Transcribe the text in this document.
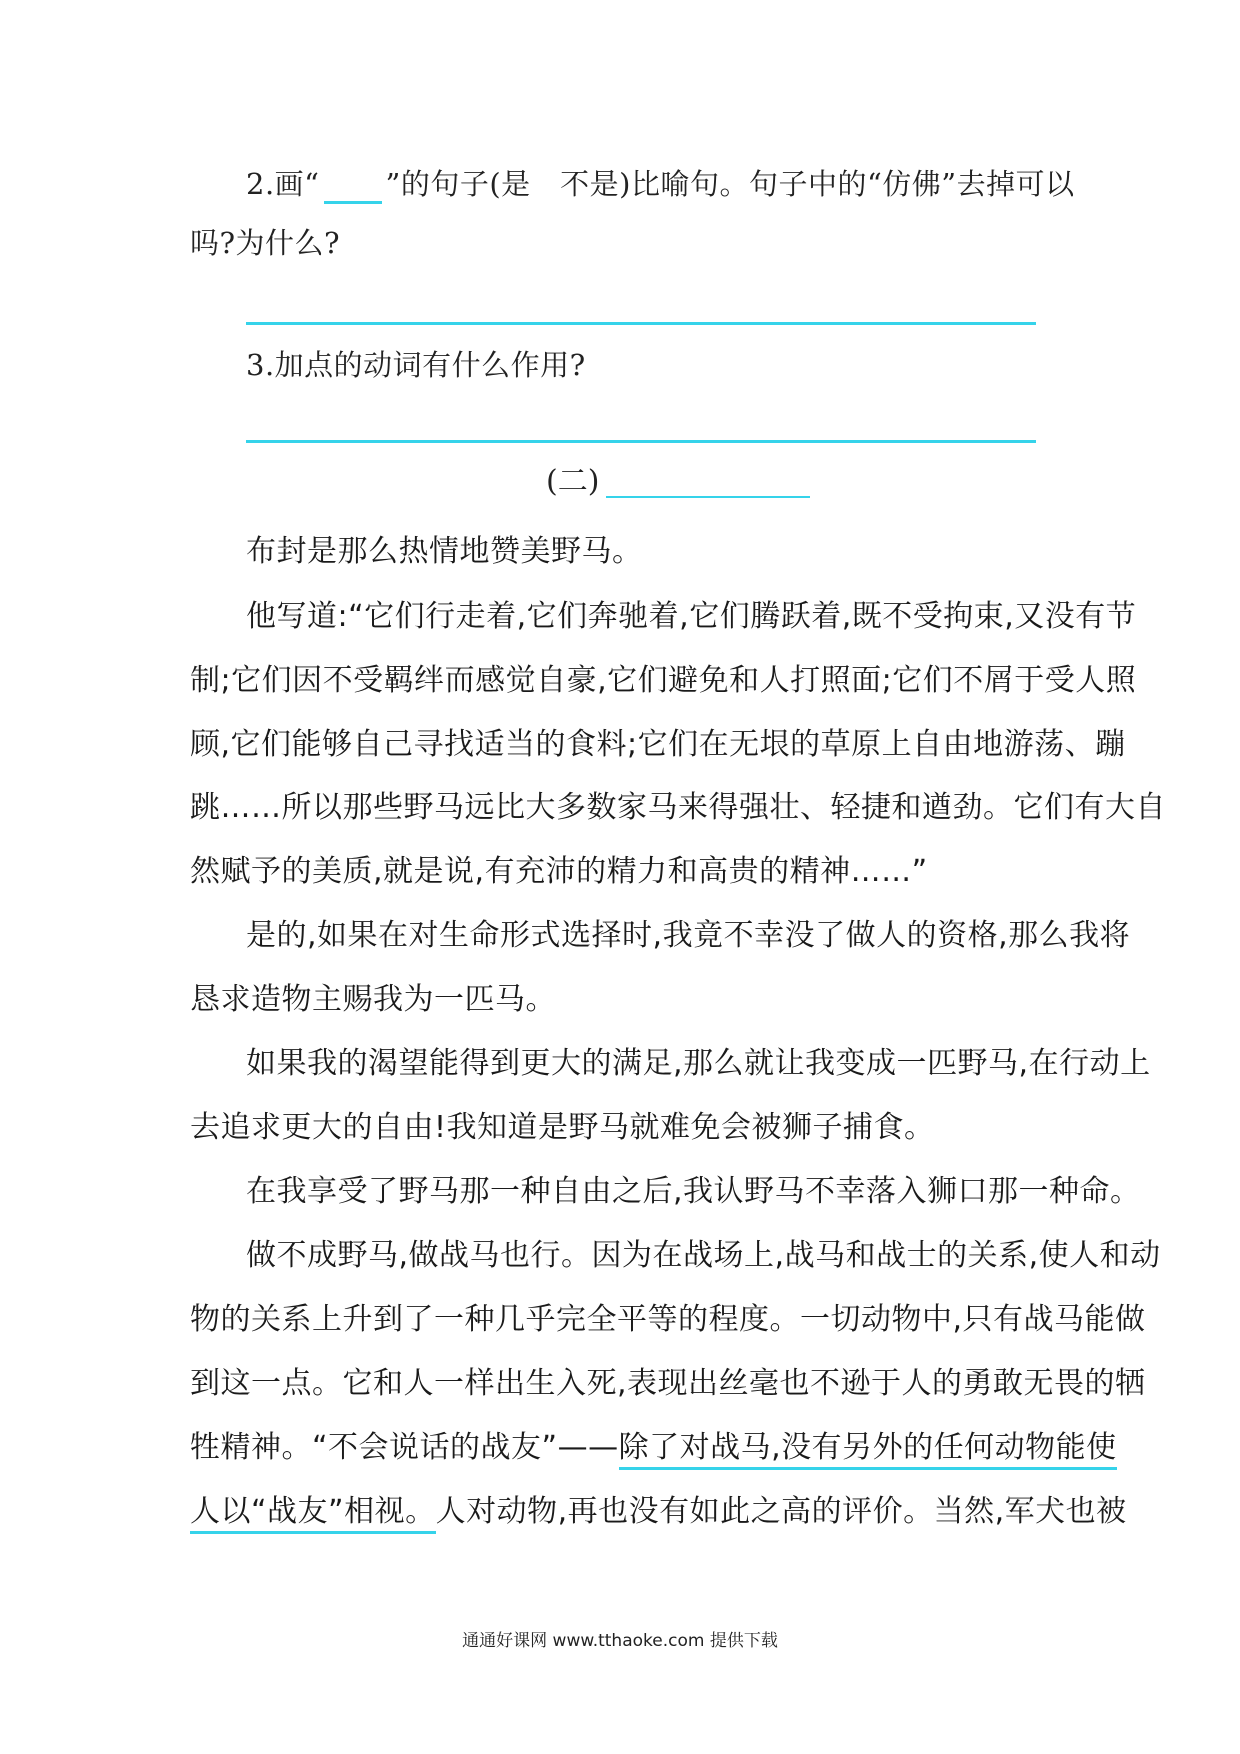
2.画“ ”的句子(是　不是)比喻句。句子中的“仿佛”去掉可以
吗?为什么?
3.加点的动词有什么作用?
(二)
布封是那么热情地赞美野马。
他写道:“它们行走着,它们奔驰着,它们腾跃着,既不受拘束,又没有节
制;它们因不受羁绊而感觉自豪,它们避免和人打照面;它们不屑于受人照
顾,它们能够自己寻找适当的食料;它们在无垠的草原上自由地游荡、蹦
跳……所以那些野马远比大多数家马来得强壮、轻捷和遒劲。它们有大自
然赋予的美质,就是说,有充沛的精力和高贵的精神……”
是的,如果在对生命形式选择时,我竟不幸没了做人的资格,那么我将
恳求造物主赐我为一匹马。
如果我的渴望能得到更大的满足,那么就让我变成一匹野马,在行动上
去追求更大的自由!我知道是野马就难免会被狮子捕食。
在我享受了野马那一种自由之后,我认野马不幸落入狮口那一种命。
做不成野马,做战马也行。因为在战场上,战马和战士的关系,使人和动
物的关系上升到了一种几乎完全平等的程度。一切动物中,只有战马能做
到这一点。它和人一样出生入死,表现出丝毫也不逊于人的勇敢无畏的牺
牲精神。“不会说话的战友”——除了对战马,没有另外的任何动物能使
人以“战友”相视。人对动物,再也没有如此之高的评价。当然,军犬也被
通通好课网 www.tthaoke.com 提供下载
